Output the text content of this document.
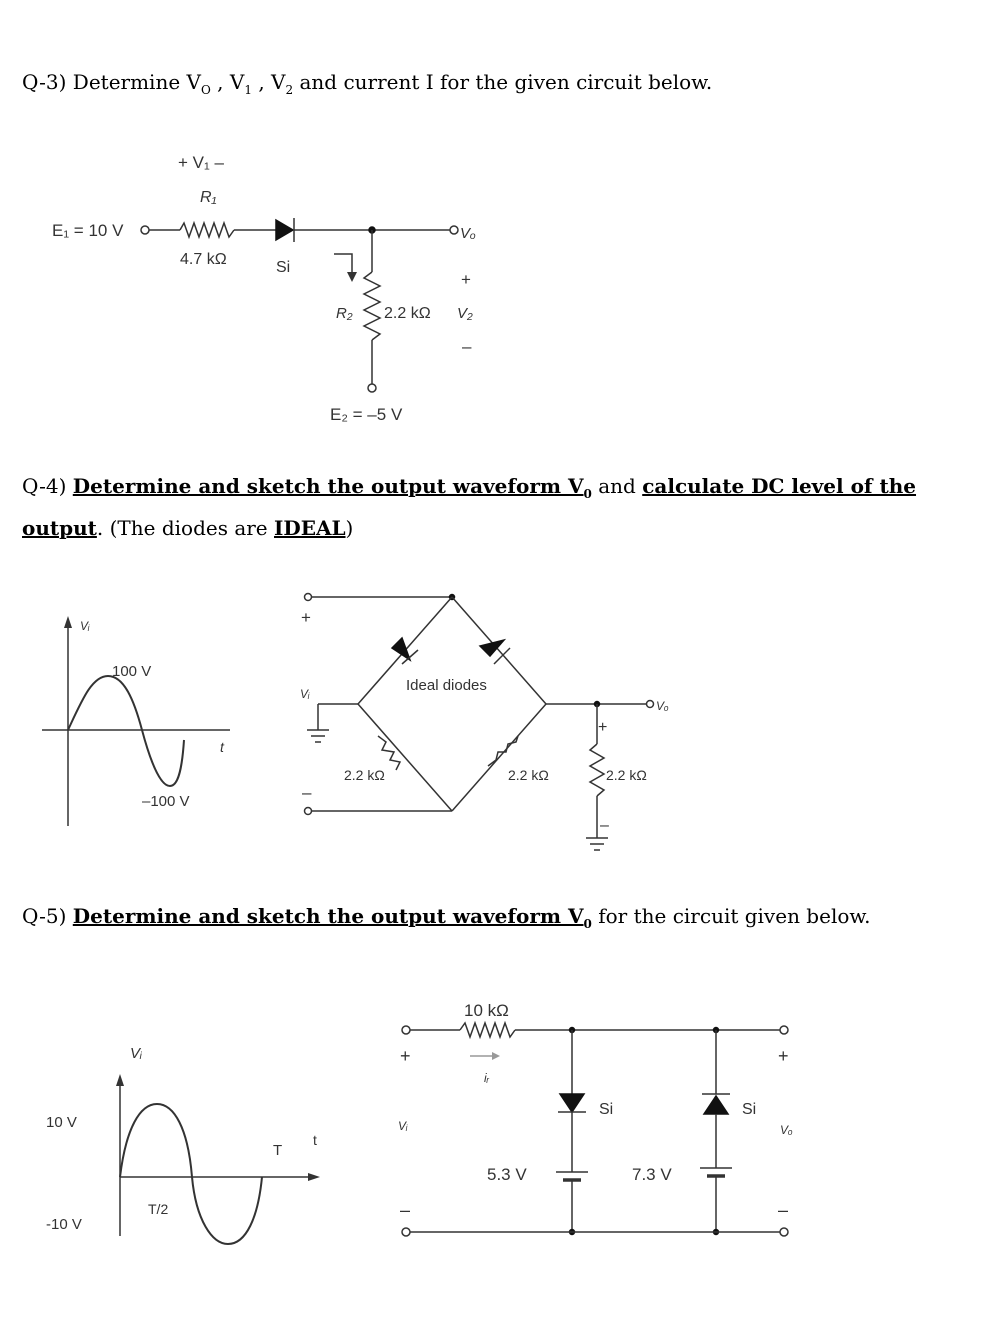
Q-3) Determine $V_O$ , $V_1$ , $V_2$ and current I for the given circuit below.

+ V₁ –
R₁
E₁ = 10 V
4.7 kΩ	Si
Vₒ
R₂ 2.2 kΩ
+
V₂
–
E₂ = –5 V
Vᵢ
t
100 V
–100 V
+
Ideal diodes
2.2 kΩ	2.2 kΩ
Vᵢ
–
Vₒ
+
2.2 kΩ
–
Vᵢ
10 V
-10 V
T/2
T
t
+
10 kΩ
iᵣ
+
Si
5.3 V
Si
7.3 V
Vᵢ	Vₒ
–	–
Q-4) Determine and sketch the output waveform $V_0$ and calculate DC level of the output. (The diodes are IDEAL)

Q-5) Determine and sketch the output waveform $V_0$ for the circuit given below.
